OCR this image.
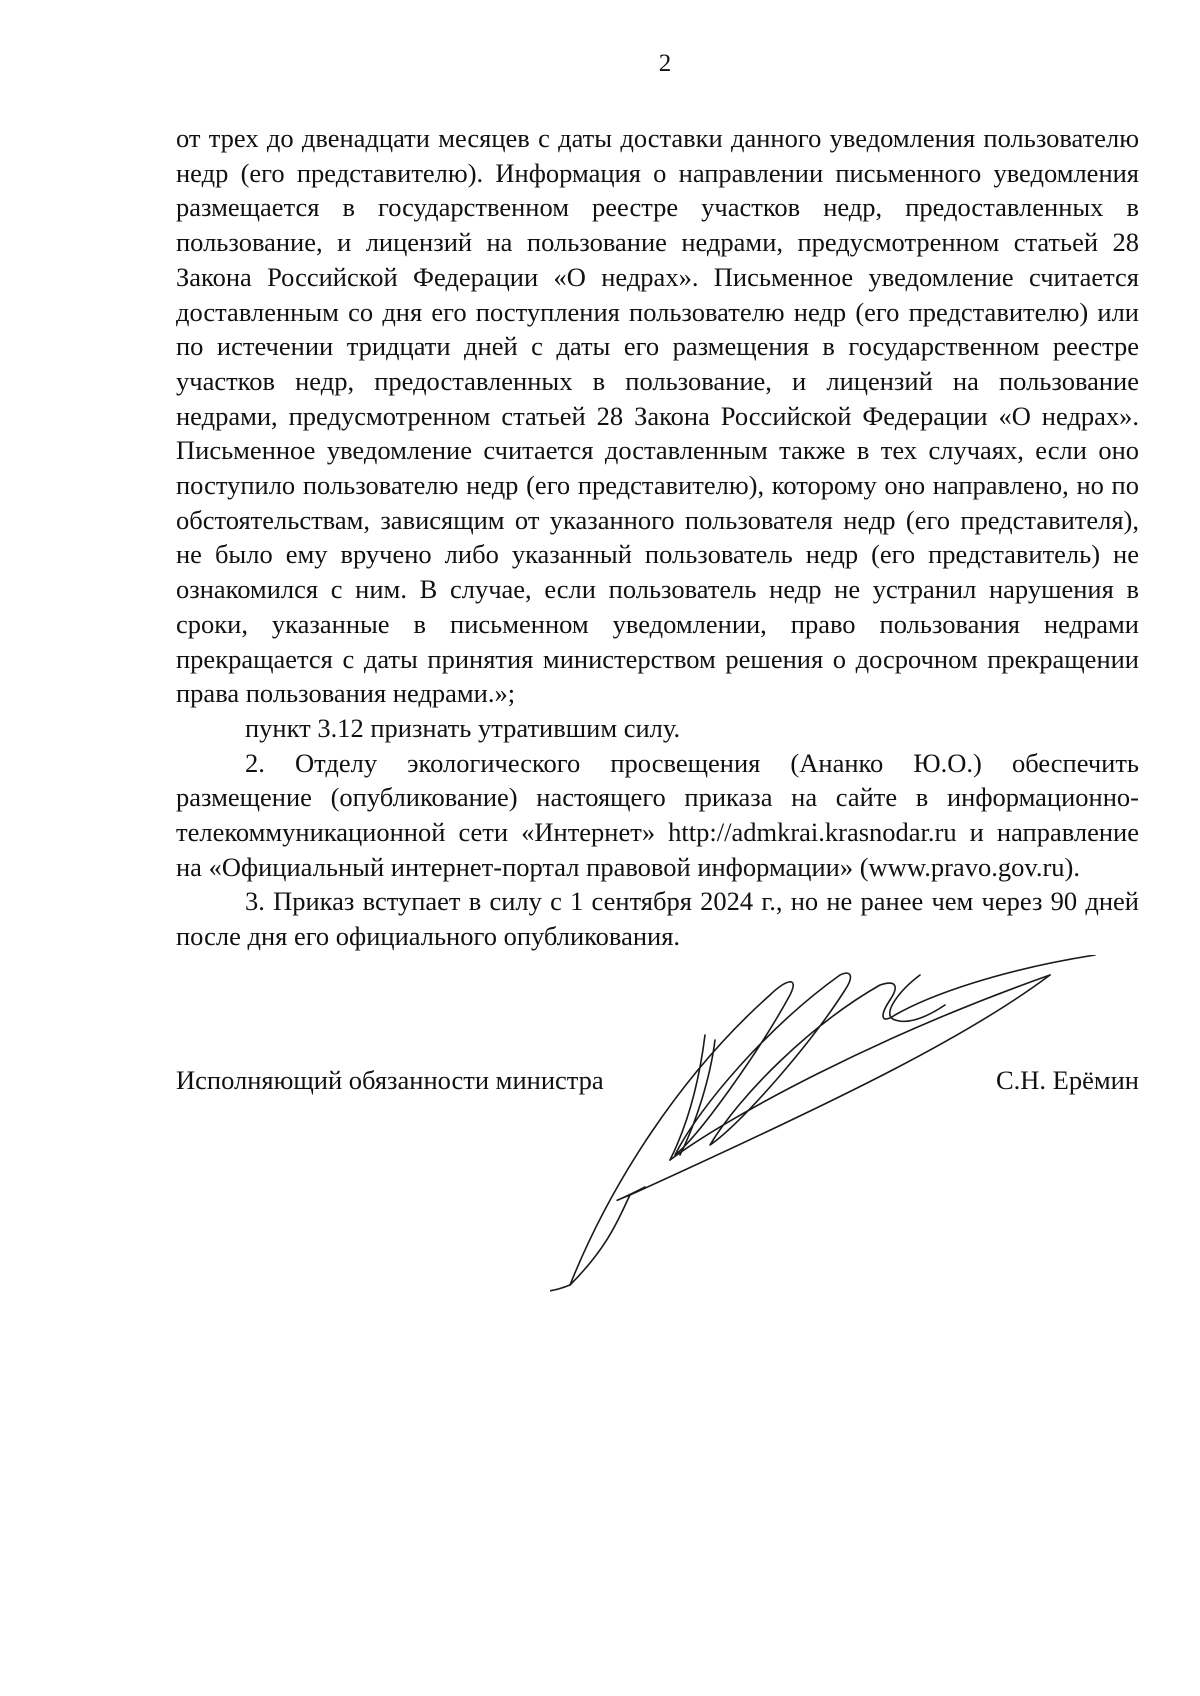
2

от трех до двенадцати месяцев с даты доставки данного уведомления пользователю недр (его представителю). Информация о направлении письменного уведомления размещается в государственном реестре участков недр, предоставленных в пользование, и лицензий на пользование недрами, предусмотренном статьей 28 Закона Российской Федерации «О недрах». Письменное уведомление считается доставленным со дня его поступления пользователю недр (его представителю) или по истечении тридцати дней с даты его размещения в государственном реестре участков недр, предоставленных в пользование, и лицензий на пользование недрами, предусмотренном статьей 28 Закона Российской Федерации «О недрах». Письменное уведомление считается доставленным также в тех случаях, если оно поступило пользователю недр (его представителю), которому оно направлено, но по обстоятельствам, зависящим от указанного пользователя недр (его представителя), не было ему вручено либо указанный пользователь недр (его представитель) не ознакомился с ним. В случае, если пользователь недр не устранил нарушения в сроки, указанные в письменном уведомлении, право пользования недрами прекращается с даты принятия министерством решения о досрочном прекращении права пользования недрами.»;

пункт 3.12 признать утратившим силу.

2. Отделу экологического просвещения (Ананко Ю.О.) обеспечить размещение (опубликование) настоящего приказа на сайте в информационно-телекоммуникационной сети «Интернет» http://admkrai.krasnodar.ru и направление на «Официальный интернет-портал правовой информации» (www.pravo.gov.ru).

3. Приказ вступает в силу с 1 сентября 2024 г., но не ранее чем через 90 дней после дня его официального опубликования.

Исполняющий обязанности министра	С.Н. Ерёмин
